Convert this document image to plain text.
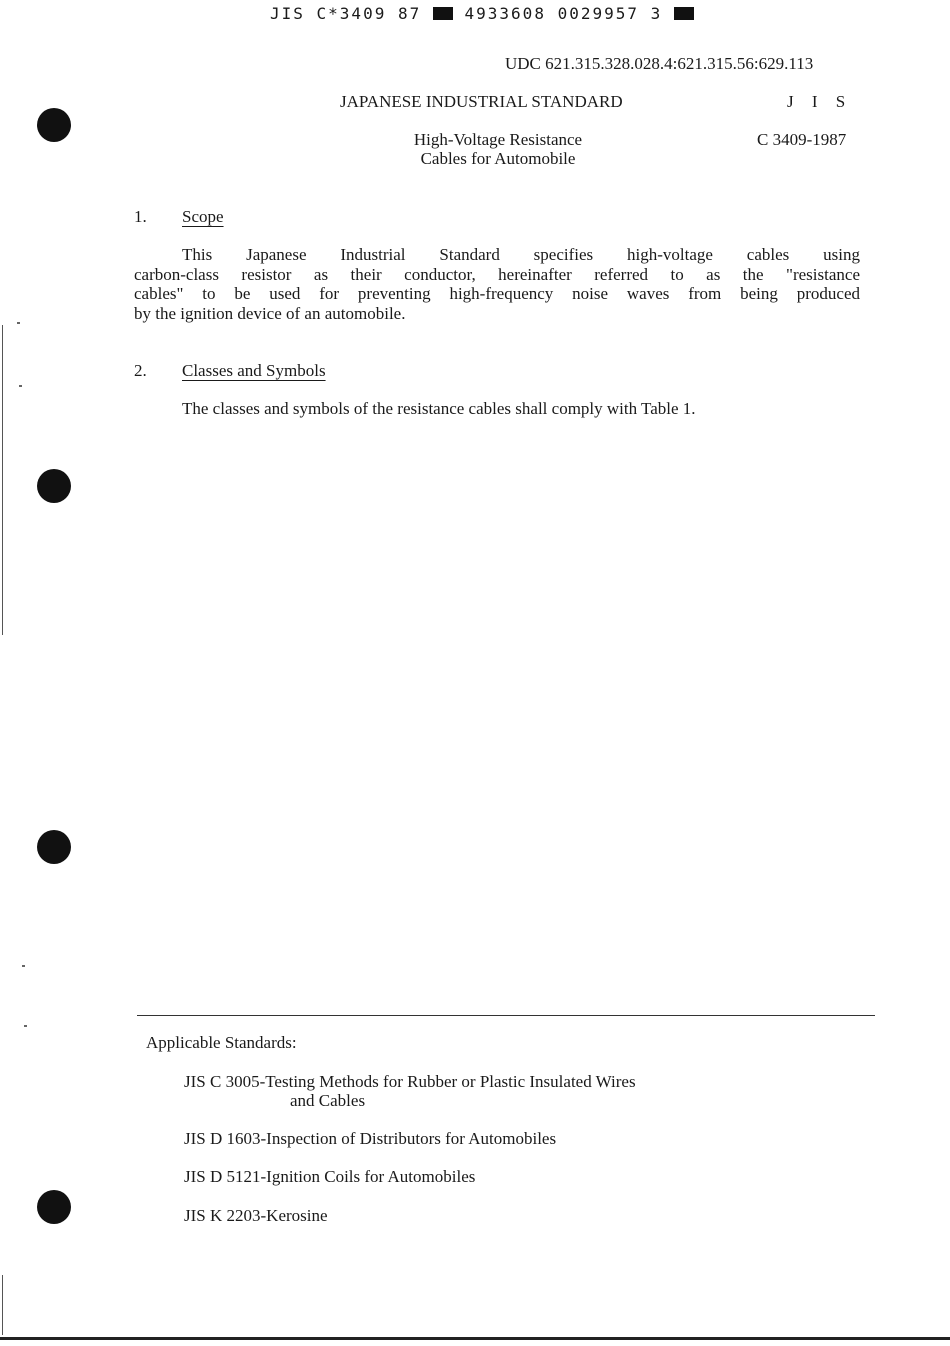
JIS C*3409 87	4933608 0029957 3
UDC 621.315.328.028.4:621.315.56:629.113
JAPANESE INDUSTRIAL STANDARD	J I S
High-Voltage Resistance
Cables for Automobile
C 3409-1987
1. Scope
This Japanese Industrial Standard specifies high-voltage cables using
carbon-class resistor as their conductor, hereinafter referred to as the "resistance
cables" to be used for preventing high-frequency noise waves from being produced
by the ignition device of an automobile.
2. Classes and Symbols
The classes and symbols of the resistance cables shall comply with Table 1.
Applicable Standards:
JIS C 3005-Testing Methods for Rubber or Plastic Insulated Wires
and Cables
JIS D 1603-Inspection of Distributors for Automobiles
JIS D 5121-Ignition Coils for Automobiles
JIS K 2203-Kerosine
